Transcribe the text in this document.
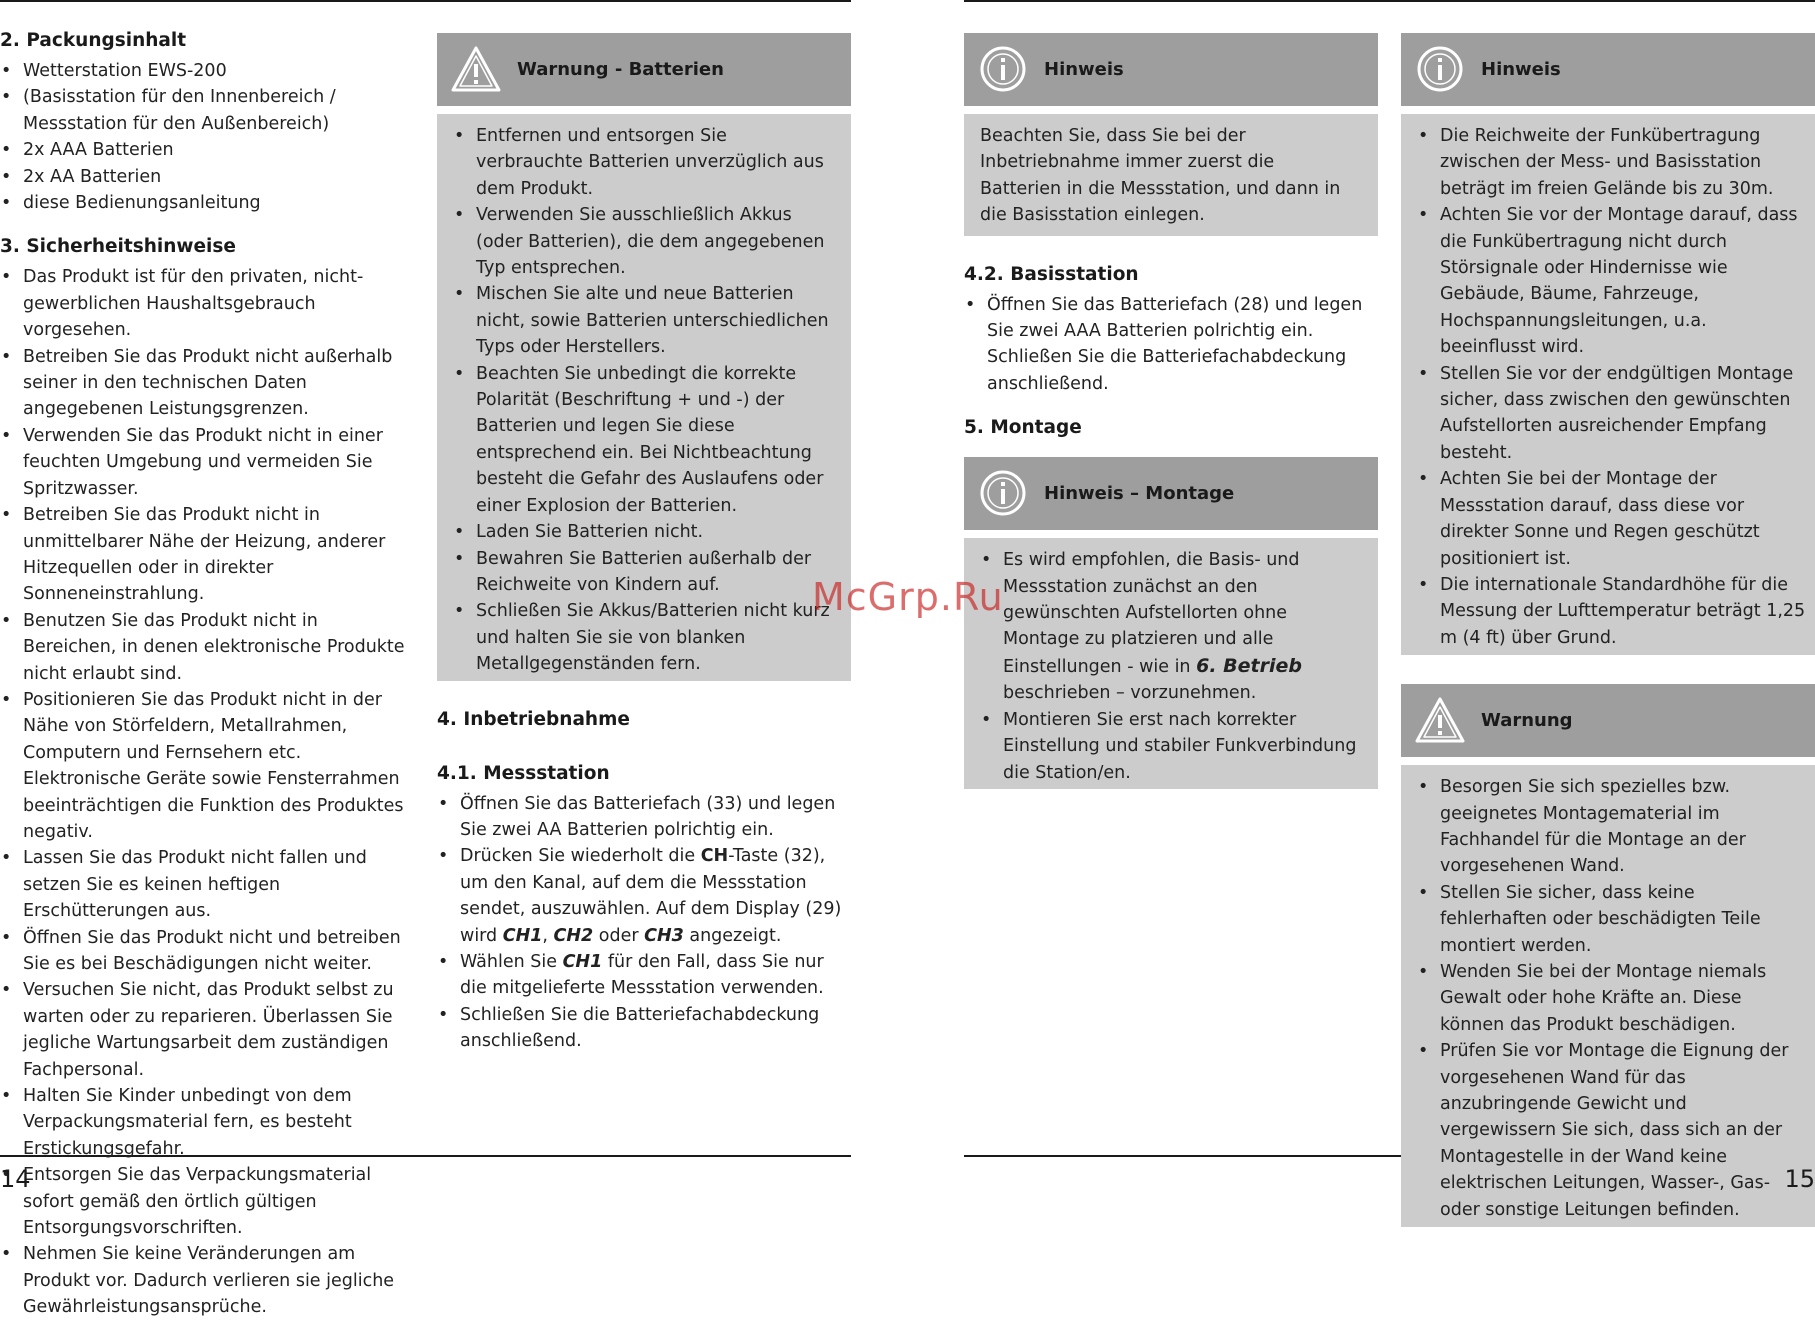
2. Packungsinhalt
• Wetterstation EWS-200
• (Basisstation für den Innenbereich / Messstation für den Außenbereich)
• 2x AAA Batterien
• 2x AA Batterien
• diese Bedienungsanleitung
3. Sicherheitshinweise
• Das Produkt ist für den privaten, nicht-gewerblichen Haushaltsgebrauch vorgesehen.
• Betreiben Sie das Produkt nicht außerhalb seiner in den technischen Daten angegebenen Leistungsgrenzen.
• Verwenden Sie das Produkt nicht in einer feuchten Umgebung und vermeiden Sie Spritzwasser.
• Betreiben Sie das Produkt nicht in unmittelbarer Nähe der Heizung, anderer Hitzequellen oder in direkter Sonneneinstrahlung.
• Benutzen Sie das Produkt nicht in Bereichen, in denen elektronische Produkte nicht erlaubt sind.
• Positionieren Sie das Produkt nicht in der Nähe von Störfeldern, Metallrahmen, Computern und Fernsehern etc. Elektronische Geräte sowie Fensterrahmen beeinträchtigen die Funktion des Produktes negativ.
• Lassen Sie das Produkt nicht fallen und setzen Sie es keinen heftigen Erschütterungen aus.
• Öffnen Sie das Produkt nicht und betreiben Sie es bei Beschädigungen nicht weiter.
• Versuchen Sie nicht, das Produkt selbst zu warten oder zu reparieren. Überlassen Sie jegliche Wartungsarbeit dem zuständigen Fachpersonal.
• Halten Sie Kinder unbedingt von dem Verpackungsmaterial fern, es besteht Erstickungsgefahr.
• Entsorgen Sie das Verpackungsmaterial sofort gemäß den örtlich gültigen Entsorgungsvorschriften.
• Nehmen Sie keine Veränderungen am Produkt vor. Dadurch verlieren sie jegliche Gewährleistungsansprüche.
Warnung - Batterien
• Entfernen und entsorgen Sie verbrauchte Batterien unverzüglich aus dem Produkt.
• Verwenden Sie ausschließlich Akkus (oder Batterien), die dem angegebenen Typ entsprechen.
• Mischen Sie alte und neue Batterien nicht, sowie Batterien unterschiedlichen Typs oder Herstellers.
• Beachten Sie unbedingt die korrekte Polarität (Beschriftung + und -) der Batterien und legen Sie diese entsprechend ein. Bei Nichtbeachtung besteht die Gefahr des Auslaufens oder einer Explosion der Batterien.
• Laden Sie Batterien nicht.
• Bewahren Sie Batterien außerhalb der Reichweite von Kindern auf.
• Schließen Sie Akkus/Batterien nicht kurz und halten Sie sie von blanken Metallgegenständen fern.
4. Inbetriebnahme
4.1. Messstation
• Öffnen Sie das Batteriefach (33) und legen Sie zwei AA Batterien polrichtig ein.
• Drücken Sie wiederholt die CH-Taste (32), um den Kanal, auf dem die Messstation sendet, auszuwählen. Auf dem Display (29) wird CH1, CH2 oder CH3 angezeigt.
• Wählen Sie CH1 für den Fall, dass Sie nur die mitgelieferte Messstation verwenden.
• Schließen Sie die Batteriefachabdeckung anschließend.
Hinweis
Beachten Sie, dass Sie bei der Inbetriebnahme immer zuerst die Batterien in die Messstation, und dann in die Basisstation einlegen.
4.2. Basisstation
• Öffnen Sie das Batteriefach (28) und legen Sie zwei AAA Batterien polrichtig ein. Schließen Sie die Batteriefachabdeckung anschließend.
5. Montage
Hinweis – Montage
• Es wird empfohlen, die Basis- und Messstation zunächst an den gewünschten Aufstellorten ohne Montage zu platzieren und alle Einstellungen - wie in 6. Betrieb beschrieben – vorzunehmen.
• Montieren Sie erst nach korrekter Einstellung und stabiler Funkverbindung die Station/en.
Hinweis
• Die Reichweite der Funkübertragung zwischen der Mess- und Basisstation beträgt im freien Gelände bis zu 30m.
• Achten Sie vor der Montage darauf, dass die Funkübertragung nicht durch Störsignale oder Hindernisse wie Gebäude, Bäume, Fahrzeuge, Hochspannungsleitungen, u.a. beeinflusst wird.
• Stellen Sie vor der endgültigen Montage sicher, dass zwischen den gewünschten Aufstellorten ausreichender Empfang besteht.
• Achten Sie bei der Montage der Messstation darauf, dass diese vor direkter Sonne und Regen geschützt positioniert ist.
• Die internationale Standardhöhe für die Messung der Lufttemperatur beträgt 1,25 m (4 ft) über Grund.
Warnung
• Besorgen Sie sich spezielles bzw. geeignetes Montagematerial im Fachhandel für die Montage an der vorgesehenen Wand.
• Stellen Sie sicher, dass keine fehlerhaften oder beschädigten Teile montiert werden.
• Wenden Sie bei der Montage niemals Gewalt oder hohe Kräfte an. Diese können das Produkt beschädigen.
• Prüfen Sie vor Montage die Eignung der vorgesehenen Wand für das anzubringende Gewicht und vergewissern Sie sich, dass sich an der Montagestelle in der Wand keine elektrischen Leitungen, Wasser-, Gas- oder sonstige Leitungen befinden.
14	15
McGrp.Ru
